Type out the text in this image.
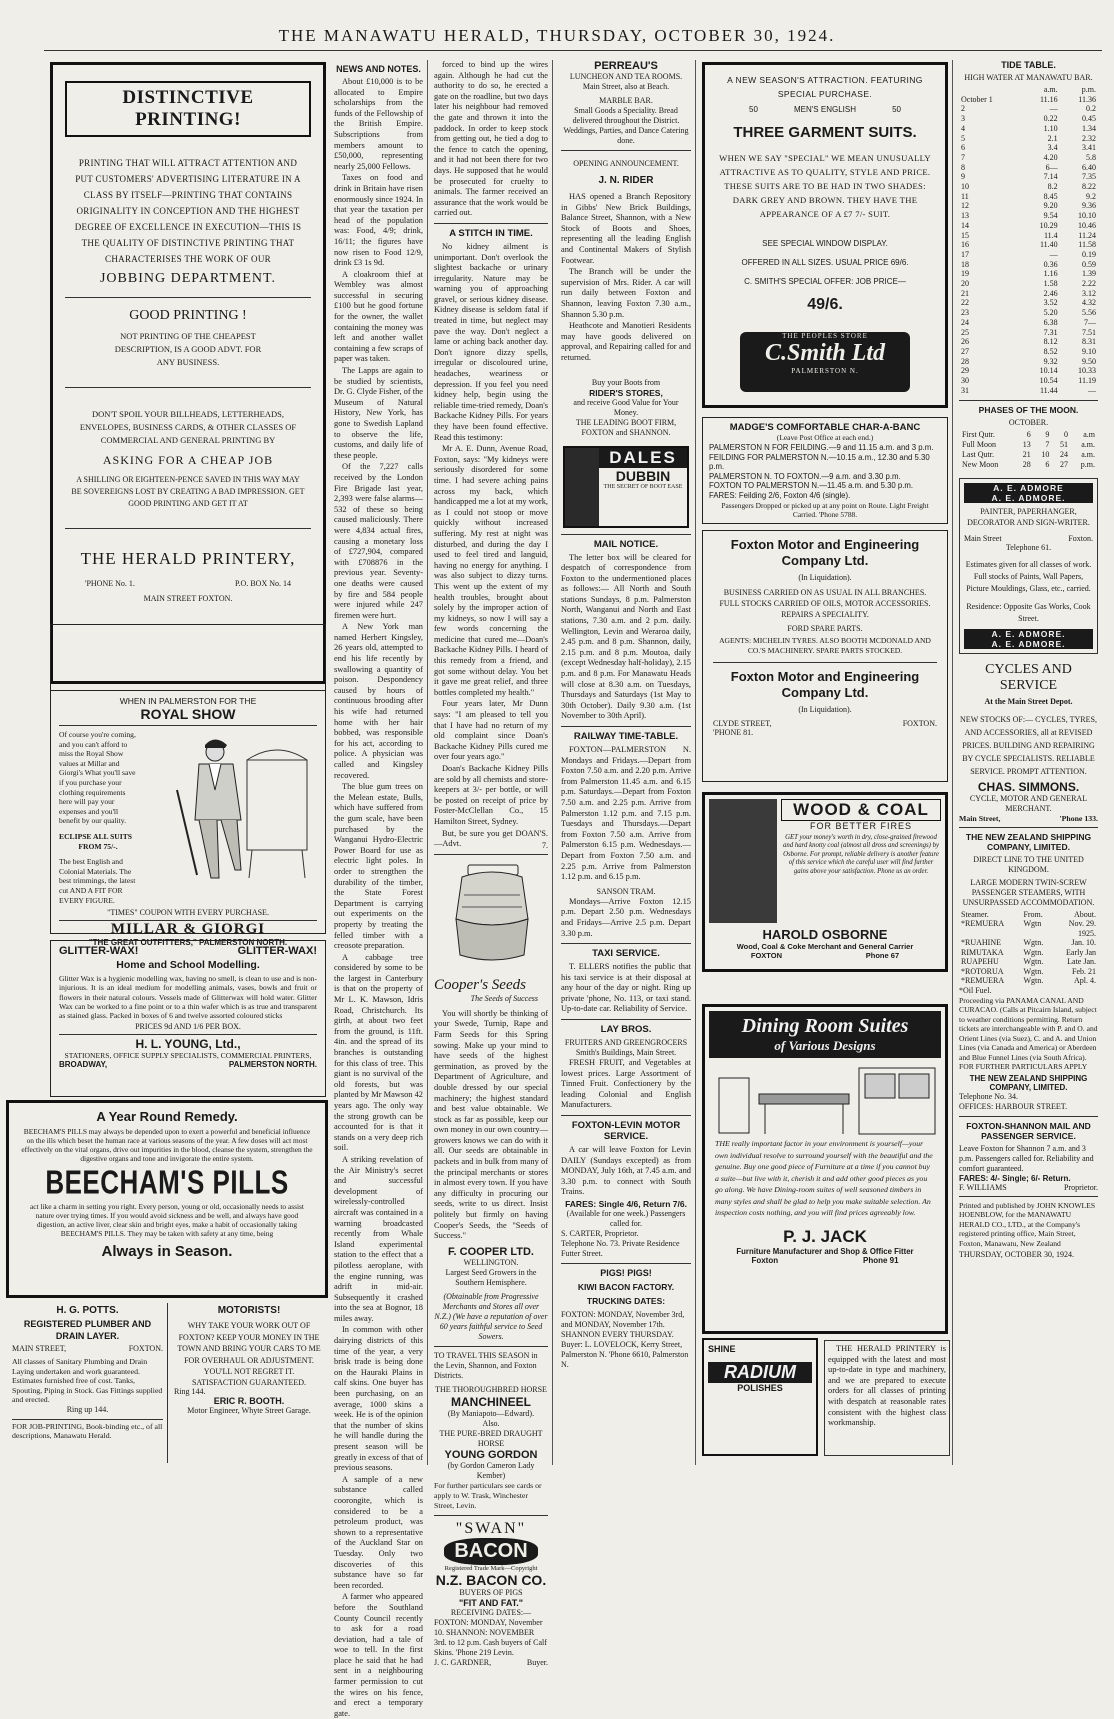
THE MANAWATU HERALD, THURSDAY, OCTOBER 30, 1924.
DISTINCTIVE PRINTING!
PRINTING THAT WILL ATTRACT ATTENTION AND PUT CUSTOMERS' ADVERTISING LITERATURE IN A CLASS BY ITSELF—PRINTING THAT CONTAINS ORIGINALITY IN CONCEPTION AND THE HIGHEST DEGREE OF EXCELLENCE IN EXECUTION—THIS IS THE QUALITY OF DISTINCTIVE PRINTING THAT CHARACTERISES THE WORK OF OUR
JOBBING DEPARTMENT.
GOOD PRINTING !
NOT PRINTING OF THE CHEAPEST DESCRIPTION, IS A GOOD ADVT. FOR ANY BUSINESS.
DON'T SPOIL YOUR BILLHEADS, LETTERHEADS, ENVELOPES, BUSINESS CARDS, & OTHER CLASSES OF COMMERCIAL AND GENERAL PRINTING BY
ASKING FOR A CHEAP JOB
A SHILLING OR EIGHTEEN-PENCE SAVED IN THIS WAY MAY BE SOVEREIGNS LOST BY CREATING A BAD IMPRESSION. GET GOOD PRINTING AND GET IT AT
THE HERALD PRINTERY,
'PHONE No. 1.	P.O. BOX No. 14
MAIN STREET FOXTON.
WHEN IN PALMERSTON FOR THE
ROYAL SHOW
Of course you're coming, and you can't afford to miss the Royal Show values at Millar and Giorgi's What you'll save if you purchase your clothing requirements here will pay your expenses and you'll benefit by our quality.
ECLIPSE ALL SUITS
FROM 75/-.
The best English and Colonial Materials. The best trimmings, the latest cut AND A FIT FOR EVERY FIGURE.
"TIMES" COUPON WITH EVERY PURCHASE.
MILLAR & GIORGI
"THE GREAT OUTFITTERS," PALMERSTON NORTH.
GLITTER-WAX!	GLITTER-WAX!
Home and School Modelling.
Glitter Wax is a hygienic modelling wax, having no smell, is clean to use and is non-injurious. It is an ideal medium for modelling animals, vases, bowls and fruit or flowers in their natural colours. Vessels made of Glitterwax will hold water. Glitter Wax can be worked to a fine point or to a thin wafer which is as true and transparent as stained glass. Packed in boxes of 6 and twelve assorted coloured sticks
PRICES 9d AND 1/6 PER BOX.
H. L. YOUNG, Ltd.,
STATIONERS, OFFICE SUPPLY SPECIALISTS, COMMERCIAL PRINTERS,
BROADWAY,	PALMERSTON NORTH.
A Year Round Remedy.
BEECHAM'S PILLS may always be depended upon to exert a powerful and beneficial influence on the ills which beset the human race at various seasons of the year. A few doses will act most effectively on the vital organs, drive out impurities in the blood, cleanse the system, strengthen the digestive organs and tone and invigorate the entire system.
BEECHAM'S PILLS
act like a charm in setting you right. Every person, young or old, occasionally needs to assist nature over trying times. If you would avoid sickness and be well, and always have good digestion, an active liver, clear skin and bright eyes, make a habit of occasionally taking BEECHAM'S PILLS. They may be taken with safety at any time, being
Always in Season.
H. G. POTTS.
REGISTERED PLUMBER AND DRAIN LAYER.
MAIN STREET,	FOXTON.
All classes of Sanitary Plumbing and Drain Laying undertaken and work guaranteed. Estimates furnished free of cost. Tanks, Spouting, Piping in Stock. Gas Fittings supplied and erected.
Ring up 144.
FOR JOB-PRINTING, Book-binding etc., of all descriptions, Manawatu Herald.
MOTORISTS!
WHY TAKE YOUR WORK OUT OF FOXTON? KEEP YOUR MONEY IN THE TOWN AND BRING YOUR CARS TO ME FOR OVERHAUL OR ADJUSTMENT. YOU'LL NOT REGRET IT.
SATISFACTION GUARANTEED.
Ring 144.
ERIC R. BOOTH.
Motor Engineer, Whyte Street Garage.
NEWS AND NOTES.

About £10,000 is to be allocated to Empire scholarships from the funds of the Fellowship of the British Empire. Subscriptions from members amount to £50,000, representing nearly 25,000 Fellows.

Taxes on food and drink in Britain have risen enormously since 1924. In that year the taxation per head of the population was: Food, 4/9; drink, 16/11; the figures have now risen to Food 12/9, drink £3 1s 9d.

A cloakroom thief at Wembley was almost successful in securing £100 but he good fortune for the owner, the wallet containing the money was left and another wallet containing a few scraps of paper was taken.

The Lapps are again to be studied by scientists, Dr. G. Clyde Fisher, of the Museum of Natural History, New York, has gone to Swedish Lapland to observe the life, customs, and daily life of these people.

Of the 7,227 calls received by the London Fire Brigade last year, 2,393 were false alarms—532 of these so being caused maliciously. There were 4,834 actual fires, causing a monetary loss of £727,904, compared with £708876 in the previous year. Seventy-one deaths were caused by fire and 584 people were injured while 247 firemen were hurt.

A New York man named Herbert Kingsley, 26 years old, attempted to end his life recently by swallowing a quantity of poison. Despondency caused by hours of continuous brooding after his wife had returned home with her hair bobbed, was responsible for his act, according to police. A physician was called and Kingsley recovered.

The blue gum trees on the Melean estate, Bulls, which have suffered from the gum scale, have been purchased by the Wanganui Hydro-Electric Power Board for use as electric light poles. In order to strengthen the durability of the timber, the State Forest Department is carrying out experiments on the property by treating the felled timber with a creosote preparation.

A cabbage tree considered by some to be the largest in Canterbury is that on the property of Mr L. K. Mawson, Idris Road, Christchurch. Its girth, at about two feet from the ground, is 11ft. 4in. and the spread of its branches is outstanding for this class of tree. This giant is no survival of the old forests, but was planted by Mr Mawson 42 years ago. The only way the strong growth can be accounted for is that it stands on a very deep rich soil.

A striking revelation of the Air Ministry's secret and successful development of wirelessly-controlled aircraft was contained in a warning broadcasted recently from Whale Island experimental station to the effect that a pilotless aeroplane, with the engine running, was adrift in mid-air. Subsequently it crashed into the sea at Bognor, 18 miles away.

In common with other dairying districts of this time of the year, a very brisk trade is being done on the Hauraki Plains in calf skins. One buyer has been purchasing, on an average, 1000 skins a week. He is of the opinion that the number of skins he will handle during the present season will be greatly in excess of that of previous seasons.

A sample of a new substance called coorongite, which is considered to be a petroleum product, was shown to a representative of the Auckland Star on Tuesday. Only two discoveries of this substance have so far been recorded.

A farmer who appeared before the Southland County Council recently to ask for a road deviation, had a tale of woe to tell. In the first place he said that he had sent in a neighbouring farmer permission to cut the wires on his fence, and erect a temporary gate.

forced to bind up the wires again. Although he had cut the authority to do so, he erected a gate on the roadline, but two days later his neighbour had removed the gate and thrown it into the paddock. In order to keep stock from getting out, he tied a dog to the fence to catch the opening, and it had not been there for two days. He supposed that he would be prosecuted for cruelty to animals. The farmer received an assurance that the work would be carried out.

A STITCH IN TIME.

No kidney ailment is unimportant. Don't overlook the slightest backache or urinary irregularity. Nature may be warning you of approaching gravel, or serious kidney disease. Kidney disease is seldom fatal if treated in time, but neglect may pave the way. Don't neglect a lame or aching back another day. Don't ignore dizzy spells, irregular or discoloured urine, headaches, weariness or depression. If you feel you need kidney help, begin using the reliable time-tried remedy, Doan's Backache Kidney Pills. For years they have been found effective. Read this testimony:

Mr A. E. Dunn, Avenue Road, Foxton, says: "My kidneys were seriously disordered for some time. I had severe aching pains across my back, which handicapped me a lot at my work, as I could not stoop or move quickly without increased suffering. My rest at night was disturbed, and during the day I used to feel tired and languid, having no energy for anything. I was also subject to dizzy turns. This went up the extent of my health troubles, brought about solely by the improper action of my kidneys, so now I will say a few words concerning the medicine that cured me—Doan's Backache Kidney Pills. I heard of this remedy from a friend, and got some without delay. You bet it gave me great relief, and three bottles completed my health."

Four years later, Mr Dunn says: "I am pleased to tell you that I have had no return of my old complaint since Doan's Backache Kidney Pills cured me over four years ago."

Doan's Backache Kidney Pills are sold by all chemists and store-keepers at 3/- per bottle, or will be posted on receipt of price by Foster-McClellan Co., 15 Hamilton Street, Sydney.

But, be sure you get DOAN'S.—Advt.	7.
Cooper's Seeds
The Seeds of Success

You will shortly be thinking of your Swede, Turnip, Rape and Farm Seeds for this Spring sowing. Make up your mind to have seeds of the highest germination, as proved by the Department of Agriculture, and double dressed by our special machinery; the highest standard and best value obtainable. We stock as far as possible, keep our own money in our own country—growers knows we can do with it all. Our seeds are obtainable in packets and in bulk from many of the principal merchants or stores in almost every town. If you have any difficulty in procuring our seeds, write to us direct. Insist politely but firmly on having Cooper's Seeds, the "Seeds of Success."

F. COOPER LTD.
WELLINGTON.
Largest Seed Growers in the Southern Hemisphere.
(Obtainable from Progressive Merchants and Stores all over N.Z.) (We have a reputation of over 60 years faithful service to Seed Sowers.
TO TRAVEL THIS SEASON in the Levin, Shannon, and Foxton Districts.
THE THOROUGHBRED HORSE
MANCHINEEL
(By Maniapoto—Edward).
Also.
THE PURE-BRED DRAUGHT HORSE
YOUNG GORDON
(by Gordon Cameron Lady Kember)
For further particulars see cards or apply to W. Trask, Winchester Street, Levin.
"SWAN"
BACON
Registered Trade Mark—Copyright
N.Z. BACON CO.
BUYERS OF PIGS
"FIT AND FAT."
RECEIVING DATES:—
FOXTON: MONDAY, November 10. SHANNON: NOVEMBER 3rd. to 12 p.m. Cash buyers of Calf Skins. 'Phone 219 Levin.
J. C. GARDNER,	Buyer.
PERREAU'S
LUNCHEON AND TEA ROOMS.
Main Street, also at Beach.
MARBLE BAR.
Small Goods a Speciality. Bread delivered throughout the District. Weddings, Parties, and Dance Catering done.
OPENING ANNOUNCEMENT.
J. N. RIDER

HAS opened a Branch Repository in Gibbs' New Brick Buildings, Balance Street, Shannon, with a New Stock of Boots and Shoes, representing all the leading English and Continental Makers of Stylish Footwear.

The Branch will be under the supervision of Mrs. Rider. A car will run daily between Foxton and Shannon, leaving Foxton 7.30 a.m., Shannon 5.30 p.m.

Heathcote and Manotieri Residents may have goods delivered on approval, and Repairing called for and returned.

Buy your Boots from
RIDER'S STORES,
and receive Good Value for Your Money.
THE LEADING BOOT FIRM,
FOXTON and SHANNON.
DALES
DUBBIN
THE SECRET OF BOOT EASE
MAIL NOTICE.

The letter box will be cleared for despatch of correspondence from Foxton to the undermentioned places as follows:— All North and South stations Sundays, 8 p.m. Palmerston North, Wanganui and North and East stations, 7.30 a.m. and 2 p.m. daily. Wellington, Levin and Weraroa daily, 2.45 p.m. and 8 p.m. Shannon, daily, 2.15 p.m. and 8 p.m. Moutoa, daily (except Wednesday half-holiday), 2.15 p.m. and 8 p.m. For Manawatu Heads will close at 8.30 a.m. on Tuesdays, Thursdays and Saturdays (1st May to 30th October). Daily 9.30 a.m. (1st November to 30th April).

RAILWAY TIME-TABLE.

FOXTON—PALMERSTON N. Mondays and Fridays.—Depart from Foxton 7.50 a.m. and 2.20 p.m. Arrive from Palmerston 11.45 a.m. and 6.15 p.m. Saturdays.—Depart from Foxton 7.50 a.m. and 2.25 p.m. Arrive from Palmerston 1.12 p.m. and 7.15 p.m. Tuesdays and Thursdays.—Depart from Foxton 7.50 a.m. Arrive from Palmerston 6.15 p.m. Wednesdays.—Depart from Foxton 7.50 a.m. and 2.25 p.m. Arrive from Palmerston 1.12 p.m. and 6.15 p.m.

SANSON TRAM.

Mondays—Arrive Foxton 12.15 p.m. Depart 2.50 p.m. Wednesdays and Fridays—Arrive 2.5 p.m. Depart 3.30 p.m.

TAXI SERVICE.

T. ELLERS notifies the public that his taxi service is at their disposal at any hour of the day or night. Ring up private 'phone, No. 113, or taxi stand. Up-to-date car. Reliability of Service.

LAY BROS.
FRUITERS AND GREENGROCERS Smith's Buildings, Main Street.

FRESH FRUIT, and Vegetables at lowest prices. Large Assortment of Tinned Fruit. Confectionery by the leading Colonial and English Manufacturers.

FOXTON-LEVIN MOTOR SERVICE.

A car will leave Foxton for Levin DAILY (Sundays excepted) as from MONDAY, July 16th, at 7.45 a.m. and 3.30 p.m. to connect with South Trains.

FARES: Single 4/6, Return 7/6.
(Available for one week.) Passengers called for.
S. CARTER, Proprietor.
Telephone No. 73. Private Residence Futter Street.
PIGS! PIGS!
KIWI BACON FACTORY.
TRUCKING DATES:
FOXTON: MONDAY, November 3rd, and MONDAY, November 17th. SHANNON EVERY THURSDAY. Buyer: L. LOVELOCK, Kerry Street, Palmerston N. 'Phone 6610, Palmerston N.
A NEW SEASON'S ATTRACTION. FEATURING SPECIAL PURCHASE.
50	MEN'S ENGLISH	50
THREE GARMENT SUITS.
WHEN WE SAY "SPECIAL" WE MEAN UNUSUALLY ATTRACTIVE AS TO QUALITY, STYLE AND PRICE. THESE SUITS ARE TO BE HAD IN TWO SHADES: DARK GREY AND BROWN. THEY HAVE THE APPEARANCE OF A £7 7/- SUIT.
SEE SPECIAL WINDOW DISPLAY.
OFFERED IN ALL SIZES. USUAL PRICE 69/6.
C. SMITH'S SPECIAL OFFER: JOB PRICE—
49/6.
THE PEOPLES STORE
C.Smith Ltd
PALMERSTON N.
MADGE'S COMFORTABLE CHAR-A-BANC
(Leave Post Office at each end.)
PALMERSTON N FOR FEILDING.—9 and 11.15 a.m. and 3 p.m.
FEILDING FOR PALMERSTON N.—10.15 a.m., 12.30 and 5.30 p.m.
PALMERSTON N. TO FOXTON.—9 a.m. and 3.30 p.m.
FOXTON TO PALMERSTON N.—11.45 a.m. and 5.30 p.m.
FARES: Feilding 2/6, Foxton 4/6 (single).
Passengers Dropped or picked up at any point on Route. Light Freight Carried. 'Phone 5788.
Foxton Motor and Engineering Company Ltd.
(In Liquidation).
BUSINESS CARRIED ON AS USUAL IN ALL BRANCHES. FULL STOCKS CARRIED OF OILS, MOTOR ACCESSORIES. REPAIRS A SPECIALITY.
FORD SPARE PARTS.
AGENTS: MICHELIN TYRES. ALSO BOOTH MCDONALD AND CO.'S MACHINERY. SPARE PARTS STOCKED.
Foxton Motor and Engineering Company Ltd.
(In Liquidation).
CLYDE STREET,	FOXTON.
'PHONE 81.
WOOD & COAL
FOR BETTER FIRES
GET your money's worth in dry, close-grained firewood and hard knotty coal (almost all dross and screenings) by Osborne. For prompt, reliable delivery is another feature of this service which the careful user will find further gains above your satisfaction. Phone us an order.
HAROLD OSBORNE
Wood, Coal & Coke Merchant and General Carrier
FOXTON	Phone 67
Dining Room Suites
of Various Designs
THE really important factor in your environment is yourself—your own individual resolve to surround yourself with the beautiful and the genuine. Buy one good piece of Furniture at a time if you cannot buy a suite—but live with it, cherish it and add other good pieces as you go along. We have Dining-room suites of well seasoned timbers in many styles and shall be glad to help you make suitable selection. An inspection costs nothing, and you will find prices agreeably low.
P. J. JACK
Furniture Manufacturer and Shop & Office Fitter
Foxton	Phone 91
SHINE
RADIUM
POLISHES

THE HERALD PRINTERY is equipped with the latest and most up-to-date in type and machinery, and we are prepared to execute orders for all classes of printing with despatch at reasonable rates consistent with the highest class workmanship.

TIDE TABLE.
HIGH WATER AT MANAWATU BAR.
	a.m.	p.m.
October 1	11.16	11.36
2	—	0.2
3	0.22	0.45
4	1.10	1.34
5	2.1	2.32
6	3.4	3.41
7	4.20	5.8
8	6—	6.40
9	7.14	7.35
10	8.2	8.22
11	8.45	9.2
12	9.20	9.36
13	9.54	10.10
14	10.29	10.46
15	11.4	11.24
16	11.40	11.58
17	—	0.19
18	0.36	0.59
19	1.16	1.39
20	1.58	2.22
21	2.46	3.12
22	3.52	4.32
23	5.20	5.56
24	6.38	7—
25	7.31	7.51
26	8.12	8.31
27	8.52	9.10
28	9.32	9.50
29	10.14	10.33
30	10.54	11.19
31	11.44	—
PHASES OF THE MOON.
OCTOBER.
First Qutr.	6	9	0	a.m
Full Moon	13	7	51	a.m.
Last Qutr.	21	10	24	a.m.
New Moon	28	6	27	p.m.
A. E. ADMORE
A. E. ADMORE.
PAINTER, PAPERHANGER, DECORATOR AND SIGN-WRITER.
Main Street	Foxton.
Telephone 61.
Estimates given for all classes of work. Full stocks of Paints, Wall Papers, Picture Mouldings, Glass, etc., carried.
Residence: Opposite Gas Works, Cook Street.
A. E. ADMORE.
A. E. ADMORE.
CYCLES AND SERVICE
At the Main Street Depot.
NEW STOCKS OF:— CYCLES, TYRES, AND ACCESSORIES, all at REVISED PRICES. BUILDING AND REPAIRING BY CYCLE SPECIALISTS. RELIABLE SERVICE. PROMPT ATTENTION.
CHAS. SIMMONS.
CYCLE, MOTOR AND GENERAL MERCHANT.
Main Street,	'Phone 133.
THE NEW ZEALAND SHIPPING COMPANY, LIMITED.
DIRECT LINE TO THE UNITED KINGDOM.
LARGE MODERN TWIN-SCREW PASSENGER STEAMERS, WITH UNSURPASSED ACCOMMODATION.
Steamer.	From.	About.
*REMUERA	Wgtn	Nov. 29.
		1925.
*RUAHINE	Wgtn.	Jan. 10.
RIMUTAKA	Wgtn.	Early Jan
RUAPEHU	Wgtn.	Late Jan.
*ROTORUA	Wgtn.	Feb. 21
*REMUERA	Wgtn.	Apl. 4.
*Oil Fuel.
Proceeding via PANAMA CANAL AND CURACAO. (Calls at Pitcairn Island, subject to weather conditions permitting. Return tickets are interchangeable with P. and O. and Orient Lines (via Suez), C. and A. and Union Lines (via Canada and America) or Aberdeen and Blue Funnel Lines (via South Africa). FOR FURTHER PARTICULARS APPLY
THE NEW ZEALAND SHIPPING COMPANY, LIMITED.
Telephone No. 34.
OFFICES: HARBOUR STREET.
FOXTON-SHANNON MAIL AND PASSENGER SERVICE.
Leave Foxton for Shannon 7 a.m. and 3 p.m. Passengers called for. Reliability and comfort guaranteed.
FARES: 4/- Single; 6/- Return.
F. WILLIAMS	Proprietor.
Printed and published by JOHN KNOWLES HOENBLOW, for the MANAWATU HERALD CO., LTD., at the Company's registered printing office, Main Street, Foxton, Manawatu, New Zealand
THURSDAY, OCTOBER 30, 1924.
